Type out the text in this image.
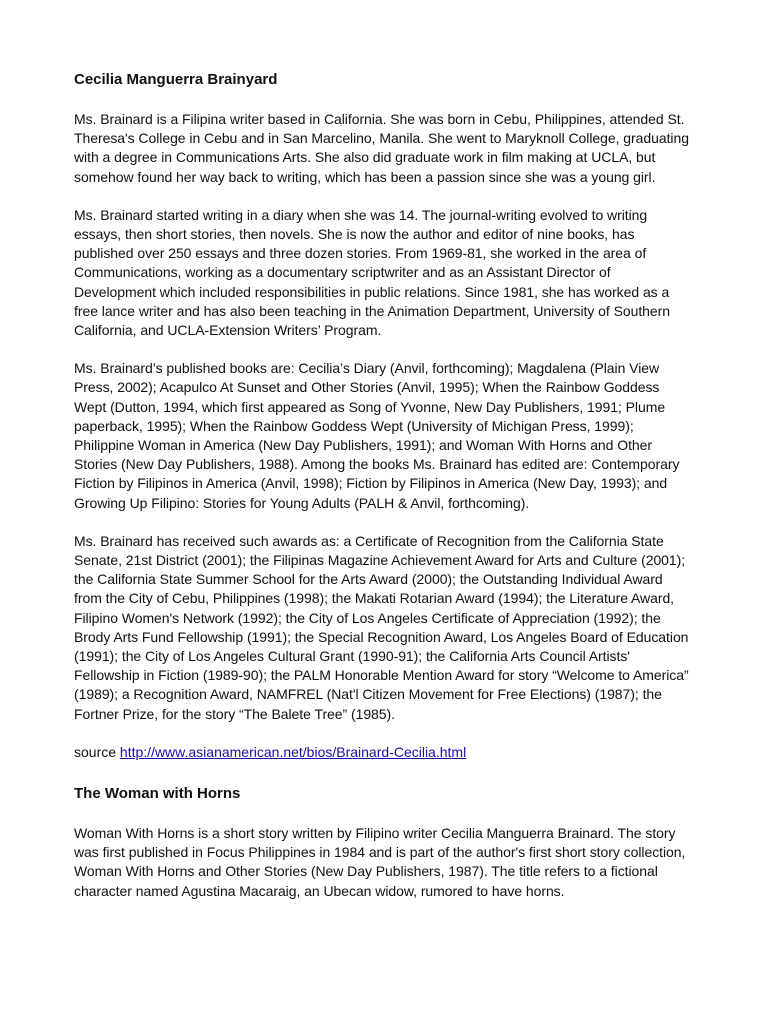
Cecilia Manguerra Brainyard

Ms. Brainard is a Filipina writer based in California. She was born in Cebu, Philippines, attended St. Theresa's College in Cebu and in San Marcelino, Manila. She went to Maryknoll College, graduating with a degree in Communications Arts. She also did graduate work in film making at UCLA, but somehow found her way back to writing, which has been a passion since she was a young girl.

Ms. Brainard started writing in a diary when she was 14. The journal-writing evolved to writing essays, then short stories, then novels. She is now the author and editor of nine books, has published over 250 essays and three dozen stories. From 1969-81, she worked in the area of Communications, working as a documentary scriptwriter and as an Assistant Director of Development which included responsibilities in public relations. Since 1981, she has worked as a free lance writer and has also been teaching in the Animation Department, University of Southern California, and UCLA-Extension Writers’ Program.

Ms. Brainard’s published books are: Cecilia’s Diary (Anvil, forthcoming); Magdalena (Plain View Press, 2002); Acapulco At Sunset and Other Stories (Anvil, 1995); When the Rainbow Goddess Wept (Dutton, 1994, which first appeared as Song of Yvonne, New Day Publishers, 1991; Plume paperback, 1995); When the Rainbow Goddess Wept (University of Michigan Press, 1999); Philippine Woman in America (New Day Publishers, 1991); and Woman With Horns and Other Stories (New Day Publishers, 1988). Among the books Ms. Brainard has edited are: Contemporary Fiction by Filipinos in America (Anvil, 1998); Fiction by Filipinos in America (New Day, 1993); and Growing Up Filipino: Stories for Young Adults (PALH & Anvil, forthcoming).

Ms. Brainard has received such awards as: a Certificate of Recognition from the California State Senate, 21st District (2001); the Filipinas Magazine Achievement Award for Arts and Culture (2001); the California State Summer School for the Arts Award (2000); the Outstanding Individual Award from the City of Cebu, Philippines (1998); the Makati Rotarian Award (1994); the Literature Award, Filipino Women's Network (1992); the City of Los Angeles Certificate of Appreciation (1992); the Brody Arts Fund Fellowship (1991); the Special Recognition Award, Los Angeles Board of Education (1991); the City of Los Angeles Cultural Grant (1990-91); the California Arts Council Artists' Fellowship in Fiction (1989-90); the PALM Honorable Mention Award for story “Welcome to America” (1989); a Recognition Award, NAMFREL (Nat'l Citizen Movement for Free Elections) (1987); the Fortner Prize, for the story “The Balete Tree” (1985).

source http://www.asianamerican.net/bios/Brainard-Cecilia.html
The Woman with Horns

Woman With Horns is a short story written by Filipino writer Cecilia Manguerra Brainard. The story was first published in Focus Philippines in 1984 and is part of the author's first short story collection, Woman With Horns and Other Stories (New Day Publishers, 1987). The title refers to a fictional character named Agustina Macaraig, an Ubecan widow, rumored to have horns.
